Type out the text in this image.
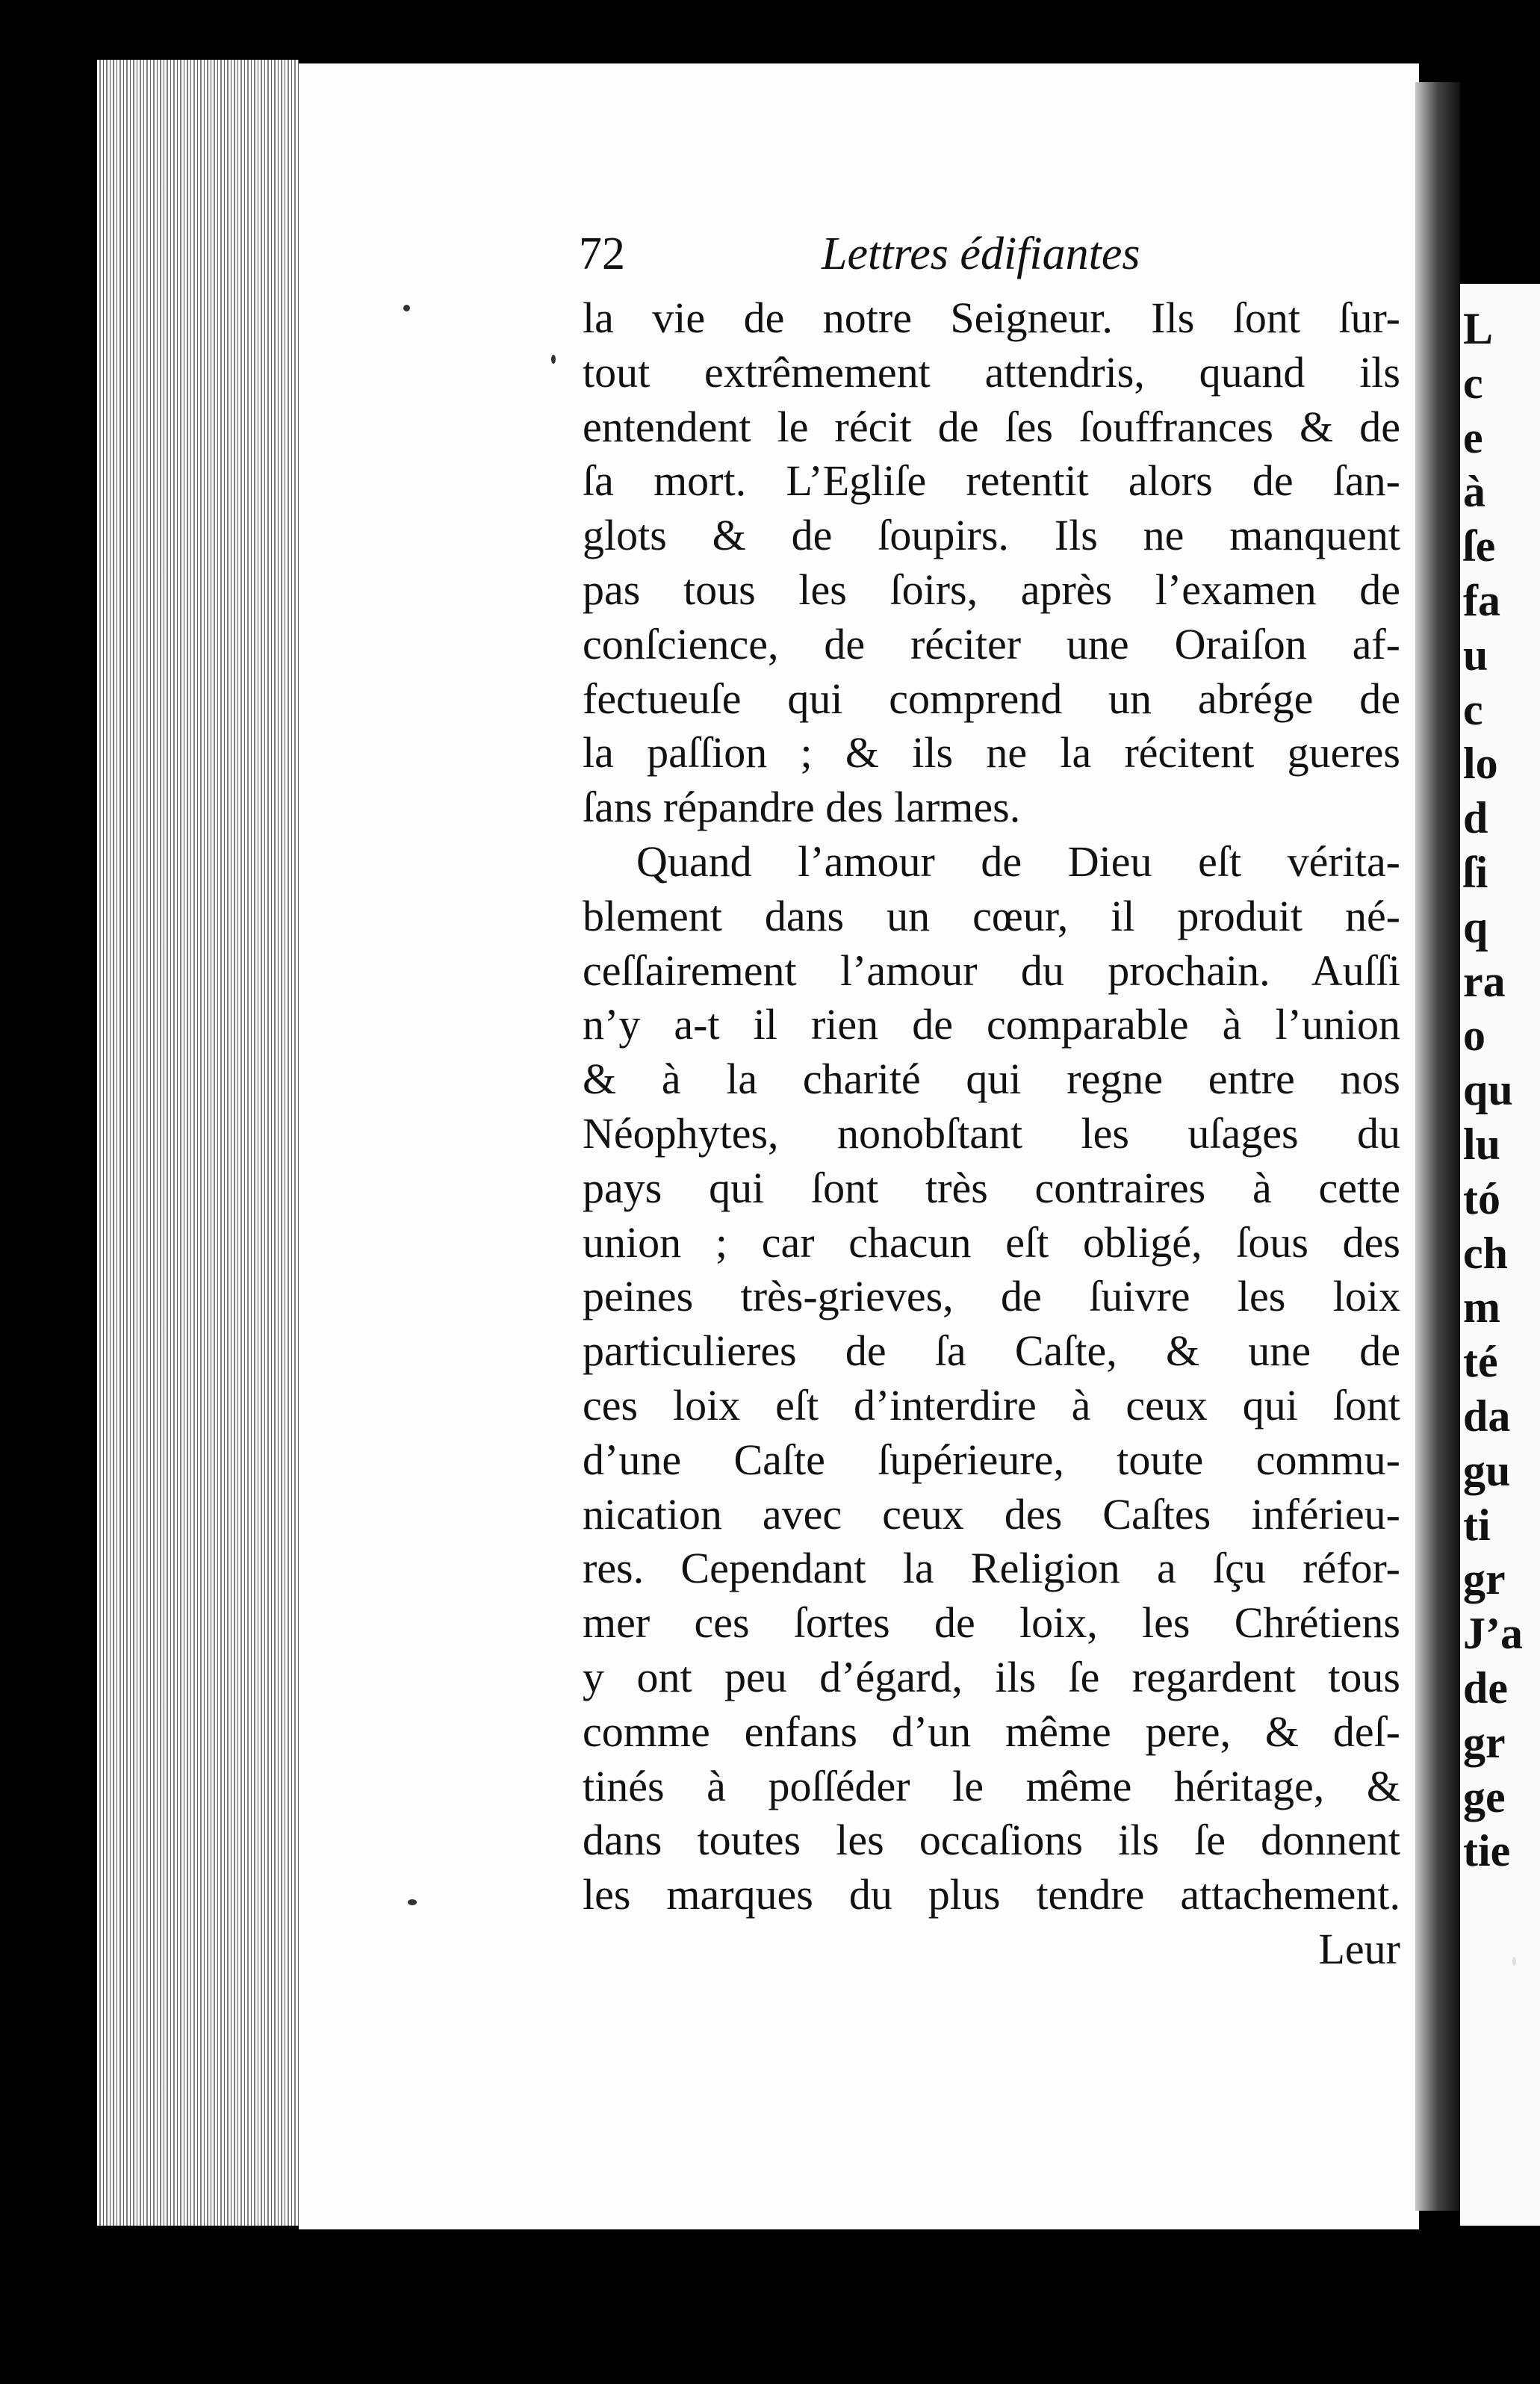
72	Lettres édifiantes
la vie de notre Seigneur. Ils ſont ſur-
tout extrêmement attendris, quand ils
entendent le récit de ſes ſouffrances & de
ſa mort. L’Egliſe retentit alors de ſan-
glots & de ſoupirs. Ils ne manquent
pas tous les ſoirs, après l’examen de
conſcience, de réciter une Oraiſon af-
fectueuſe qui comprend un abrége de
la paſſion ; & ils ne la récitent gueres
ſans répandre des larmes.
Quand l’amour de Dieu eſt vérita-
blement dans un cœur, il produit né-
ceſſairement l’amour du prochain. Auſſi
n’y a-t il rien de comparable à l’union
& à la charité qui regne entre nos
Néophytes, nonobſtant les uſages du
pays qui ſont très contraires à cette
union ; car chacun eſt obligé, ſous des
peines très-grieves, de ſuivre les loix
particulieres de ſa Caſte, & une de
ces loix eſt d’interdire à ceux qui ſont
d’une Caſte ſupérieure, toute commu-
nication avec ceux des Caſtes inférieu-
res. Cependant la Religion a ſçu réfor-
mer ces ſortes de loix, les Chrétiens
y ont peu d’égard, ils ſe regardent tous
comme enfans d’un même pere, & deſ-
tinés à poſſéder le même héritage, &
dans toutes les occaſions ils ſe donnent
les marques du plus tendre attachement.
Leur
L
c
e
à
ſe
fa
u
c
lo
d
ſi
q
ra
o
qu
lu
tó
ch
m
té
da
gu
ti
gr
J’a
de
gr
ge
tie
